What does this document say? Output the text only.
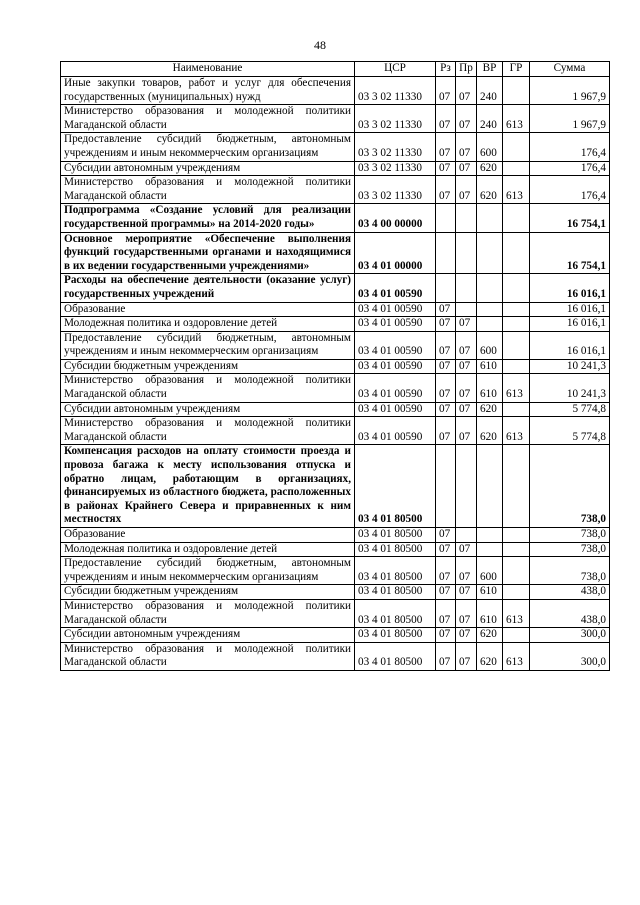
48
Наименование	ЦСР	Рз	Пр	ВР	ГР	Сумма
Иные закупки товаров, работ и услуг для обеспечения государственных (муниципальных) нужд	03 3 02 11330	07	07	240		1 967,9
Министерство образования и молодежной политики Магаданской области	03 3 02 11330	07	07	240	613	1 967,9
Предоставление субсидий бюджетным, автономным учреждениям и иным некоммерческим организациям	03 3 02 11330	07	07	600		176,4
Субсидии автономным учреждениям	03 3 02 11330	07	07	620		176,4
Министерство образования и молодежной политики Магаданской области	03 3 02 11330	07	07	620	613	176,4
Подпрограмма «Создание условий для реализации государственной программы» на 2014-2020 годы»	03 4 00 00000					16 754,1
Основное мероприятие «Обеспечение выполнения функций государственными органами и находящимися в их ведении государственными учреждениями»	03 4 01 00000					16 754,1
Расходы на обеспечение деятельности (оказание услуг) государственных учреждений	03 4 01 00590					16 016,1
Образование	03 4 01 00590	07				16 016,1
Молодежная политика и оздоровление детей	03 4 01 00590	07	07			16 016,1
Предоставление субсидий бюджетным, автономным учреждениям и иным некоммерческим организациям	03 4 01 00590	07	07	600		16 016,1
Субсидии бюджетным учреждениям	03 4 01 00590	07	07	610		10 241,3
Министерство образования и молодежной политики Магаданской области	03 4 01 00590	07	07	610	613	10 241,3
Субсидии автономным учреждениям	03 4 01 00590	07	07	620		5 774,8
Министерство образования и молодежной политики Магаданской области	03 4 01 00590	07	07	620	613	5 774,8
Компенсация расходов на оплату стоимости проезда и провоза багажа к месту использования отпуска и обратно лицам, работающим в организациях, финансируемых из областного бюджета, расположенных в районах Крайнего Севера и приравненных к ним местностях	03 4 01 80500					738,0
Образование	03 4 01 80500	07				738,0
Молодежная политика и оздоровление детей	03 4 01 80500	07	07			738,0
Предоставление субсидий бюджетным, автономным учреждениям и иным некоммерческим организациям	03 4 01 80500	07	07	600		738,0
Субсидии бюджетным учреждениям	03 4 01 80500	07	07	610		438,0
Министерство образования и молодежной политики Магаданской области	03 4 01 80500	07	07	610	613	438,0
Субсидии автономным учреждениям	03 4 01 80500	07	07	620		300,0
Министерство образования и молодежной политики Магаданской области	03 4 01 80500	07	07	620	613	300,0
